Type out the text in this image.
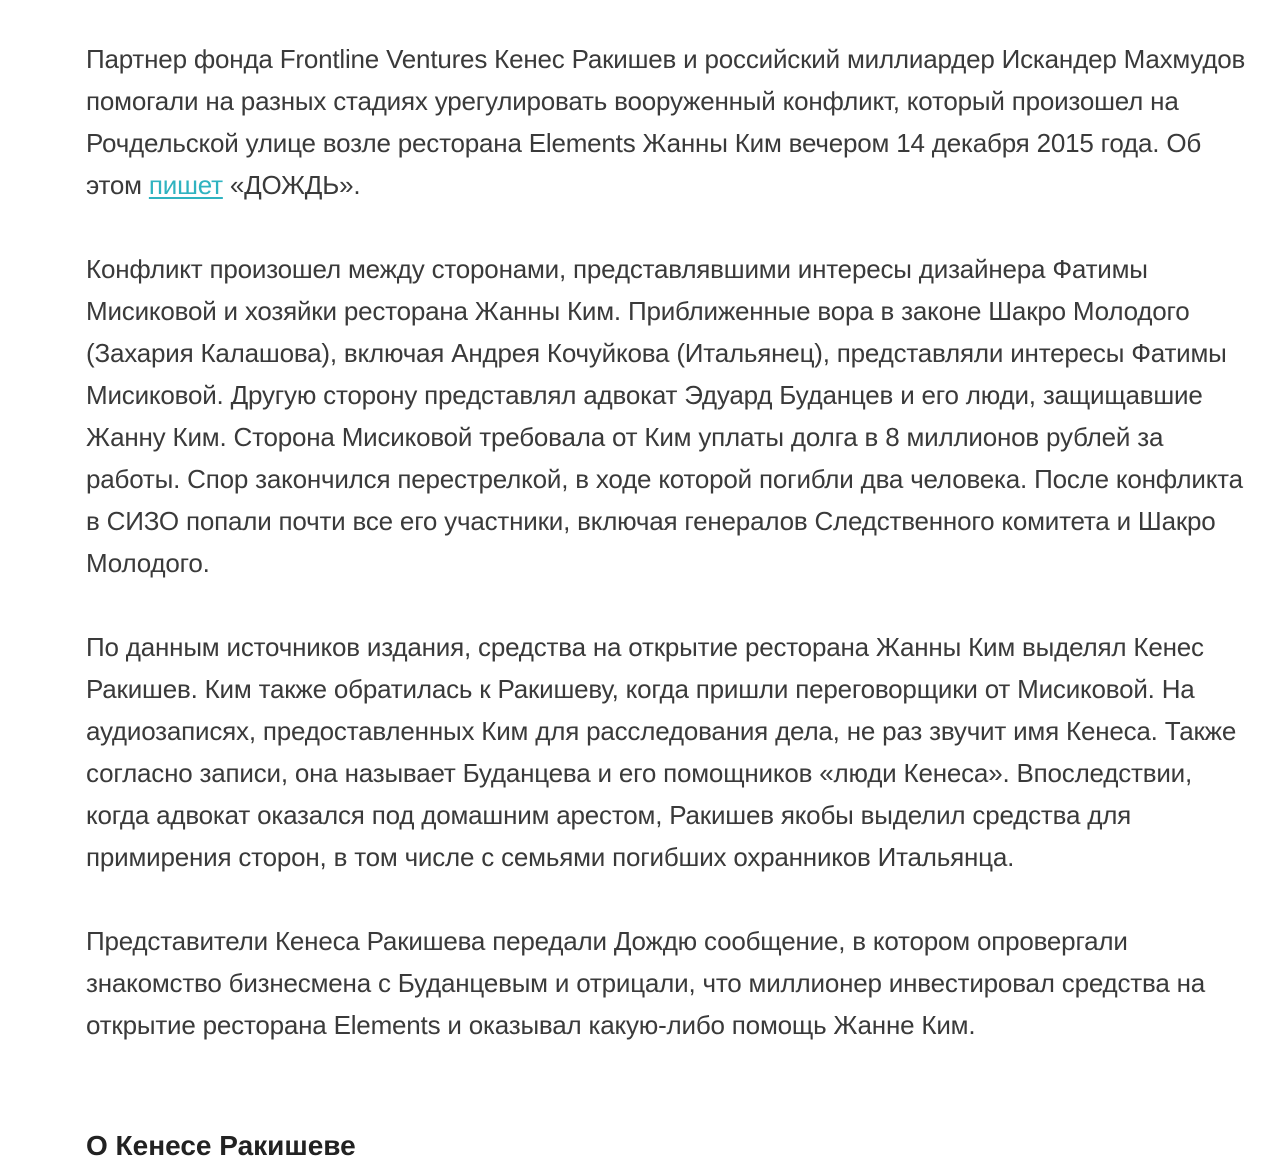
Партнер фонда Frontline Ventures Кенес Ракишев и российский миллиардер Искандер Махмудов помогали на разных стадиях урегулировать вооруженный конфликт, который произошел на Рочдельской улице возле ресторана Elements Жанны Ким вечером 14 декабря 2015 года. Об этом пишет «ДОЖДЬ».

Конфликт произошел между сторонами, представлявшими интересы дизайнера Фатимы Мисиковой и хозяйки ресторана Жанны Ким. Приближенные вора в законе Шакро Молодого (Захария Калашова), включая Андрея Кочуйкова (Итальянец), представляли интересы Фатимы Мисиковой. Другую сторону представлял адвокат Эдуард Буданцев и его люди, защищавшие Жанну Ким. Сторона Мисиковой требовала от Ким уплаты долга в 8 миллионов рублей за работы. Спор закончился перестрелкой, в ходе которой погибли два человека. После конфликта в СИЗО попали почти все его участники, включая генералов Следственного комитета и Шакро Молодого.

По данным источников издания, средства на открытие ресторана Жанны Ким выделял Кенес Ракишев. Ким также обратилась к Ракишеву, когда пришли переговорщики от Мисиковой. На аудиозаписях, предоставленных Ким для расследования дела, не раз звучит имя Кенеса. Также согласно записи, она называет Буданцева и его помощников «люди Кенеса». Впоследствии, когда адвокат оказался под домашним арестом, Ракишев якобы выделил средства для примирения сторон, в том числе с семьями погибших охранников Итальянца.

Представители Кенеса Ракишева передали Дождю сообщение, в котором опровергали знакомство бизнесмена с Буданцевым и отрицали, что миллионер инвестировал средства на открытие ресторана Elements и оказывал какую-либо помощь Жанне Ким.

О Кенесе Ракишеве
